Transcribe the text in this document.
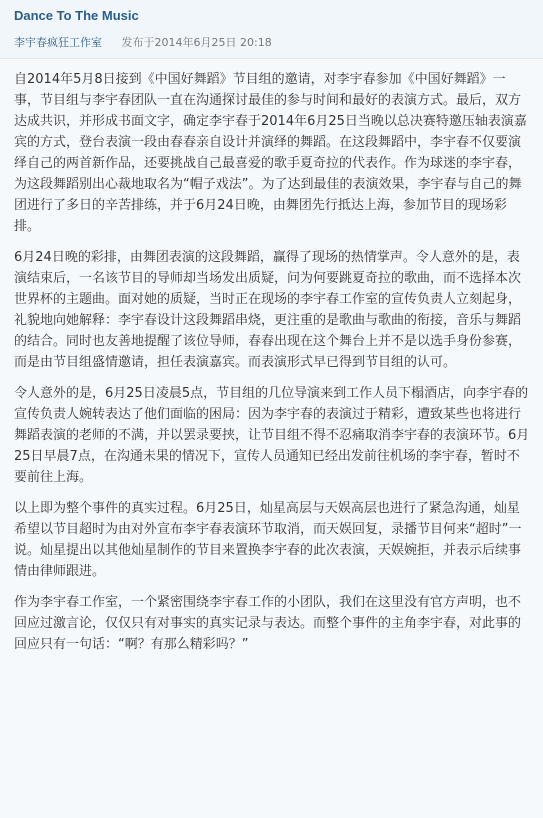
Dance To The Music
李宇春疯狂工作室 发布于2014年6月25日 20:18

自2014年5月8日接到《中国好舞蹈》节目组的邀请，对李宇春参加《中国好舞蹈》一事，节目组与李宇春团队一直在沟通探讨最佳的参与时间和最好的表演方式。最后，双方达成共识，并形成书面文字，确定李宇春于2014年6月25日当晚以总决赛特邀压轴表演嘉宾的方式，登台表演一段由春春亲自设计并演绎的舞蹈。在这段舞蹈中，李宇春不仅要演绎自己的两首新作品，还要挑战自己最喜爱的歌手夏奇拉的代表作。作为球迷的李宇春，为这段舞蹈别出心裁地取名为“帽子戏法”。为了达到最佳的表演效果，李宇春与自己的舞团进行了多日的辛苦排练，并于6月24日晚，由舞团先行抵达上海，参加节目的现场彩排。

6月24日晚的彩排，由舞团表演的这段舞蹈，赢得了现场的热情掌声。令人意外的是，表演结束后，一名该节目的导师却当场发出质疑，问为何要跳夏奇拉的歌曲，而不选择本次世界杯的主题曲。面对她的质疑，当时正在现场的李宇春工作室的宣传负责人立刻起身，礼貌地向她解释：李宇春设计这段舞蹈串烧，更注重的是歌曲与歌曲的衔接，音乐与舞蹈的结合。同时也友善地提醒了该位导师，春春出现在这个舞台上并不是以选手身份参赛，而是由节目组盛情邀请，担任表演嘉宾。而表演形式早已得到节目组的认可。

令人意外的是，6月25日凌晨5点，节目组的几位导演来到工作人员下榻酒店，向李宇春的宣传负责人婉转表达了他们面临的困局：因为李宇春的表演过于精彩，遭致某些也将进行舞蹈表演的老师的不满，并以罢录要挟，让节目组不得不忍痛取消李宇春的表演环节。6月25日早晨7点，在沟通未果的情况下，宣传人员通知已经出发前往机场的李宇春，暂时不要前往上海。

以上即为整个事件的真实过程。6月25日，灿星高层与天娱高层也进行了紧急沟通，灿星希望以节目超时为由对外宣布李宇春表演环节取消，而天娱回复，录播节目何来“超时”一说。灿星提出以其他灿星制作的节目来置换李宇春的此次表演，天娱婉拒，并表示后续事情由律师跟进。

作为李宇春工作室，一个紧密围绕李宇春工作的小团队，我们在这里没有官方声明，也不回应过激言论，仅仅只有对事实的真实记录与表达。而整个事件的主角李宇春，对此事的回应只有一句话：“啊？有那么精彩吗？”
